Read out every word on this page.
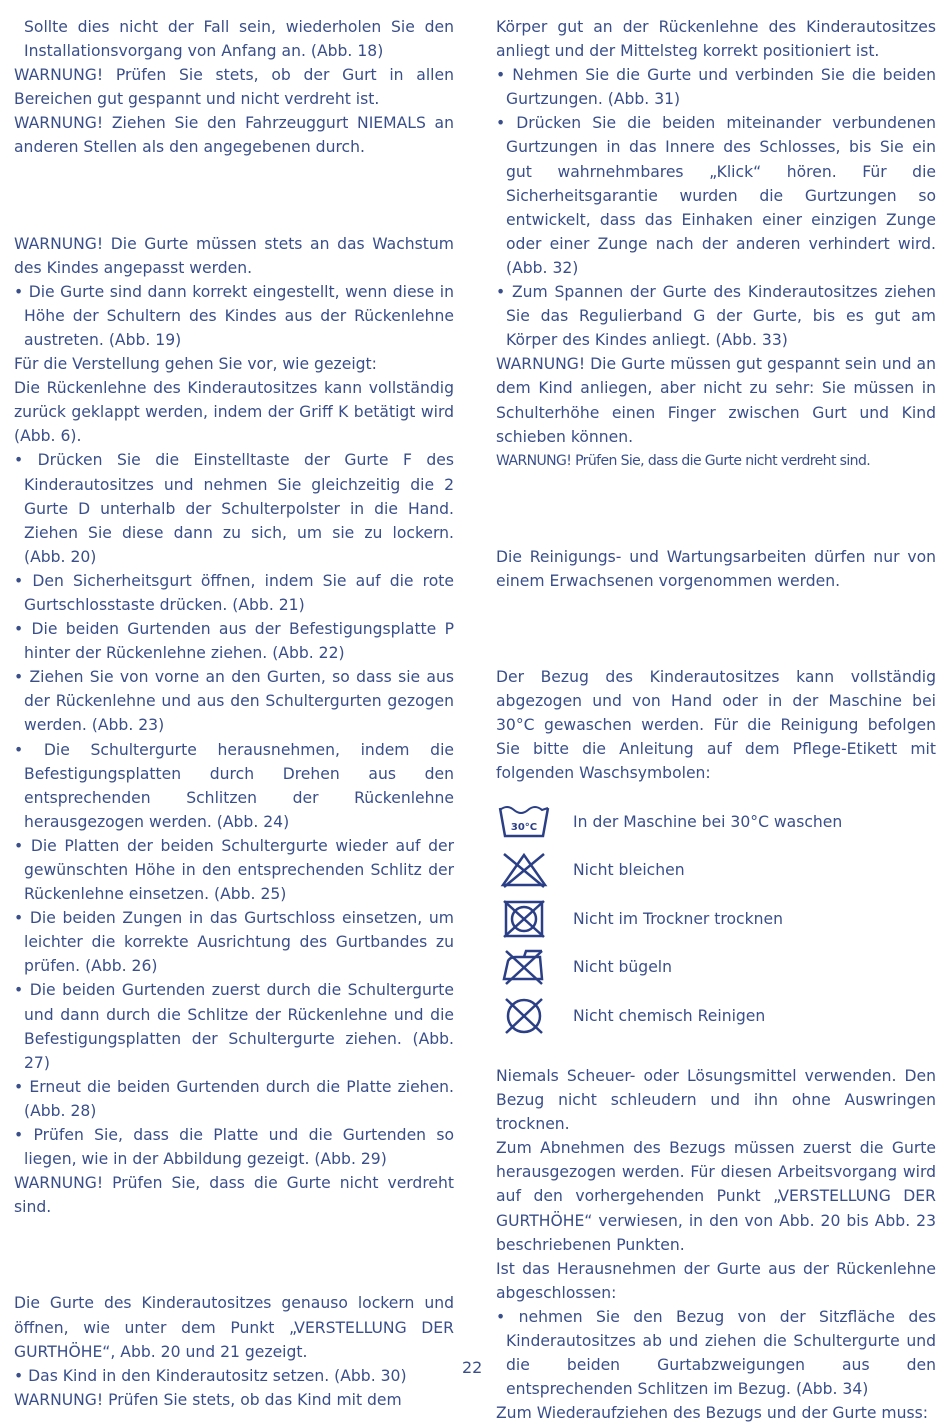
Sollte dies nicht der Fall sein, wiederholen Sie den Installationsvorgang von Anfang an. (Abb. 18)

WARNUNG! Prüfen Sie stets, ob der Gurt in allen Bereichen gut gespannt und nicht verdreht ist.

WARNUNG! Ziehen Sie den Fahrzeuggurt NIEMALS an anderen Stellen als den angegebenen durch.

WARNUNG! Die Gurte müssen stets an das Wachstum des Kindes angepasst werden.

• Die Gurte sind dann korrekt eingestellt, wenn diese in Höhe der Schultern des Kindes aus der Rückenlehne austreten. (Abb. 19)

Für die Verstellung gehen Sie vor, wie gezeigt:

Die Rückenlehne des Kinderautositzes kann vollständig zurück geklappt werden, indem der Griff K betätigt wird (Abb. 6).

• Drücken Sie die Einstelltaste der Gurte F des Kinderautositzes und nehmen Sie gleichzeitig die 2 Gurte D unterhalb der Schulterpolster in die Hand. Ziehen Sie diese dann zu sich, um sie zu lockern. (Abb. 20)

• Den Sicherheitsgurt öffnen, indem Sie auf die rote Gurtschlosstaste drücken. (Abb. 21)

• Die beiden Gurtenden aus der Befestigungsplatte P hinter der Rückenlehne ziehen. (Abb. 22)

• Ziehen Sie von vorne an den Gurten, so dass sie aus der Rückenlehne und aus den Schultergurten gezogen werden. (Abb. 23)

• Die Schultergurte herausnehmen, indem die Befestigungsplatten durch Drehen aus den entsprechenden Schlitzen der Rückenlehne herausgezogen werden. (Abb. 24)

• Die Platten der beiden Schultergurte wieder auf der gewünschten Höhe in den entsprechenden Schlitz der Rückenlehne einsetzen. (Abb. 25)

• Die beiden Zungen in das Gurtschloss einsetzen, um leichter die korrekte Ausrichtung des Gurtbandes zu prüfen. (Abb. 26)

• Die beiden Gurtenden zuerst durch die Schultergurte und dann durch die Schlitze der Rückenlehne und die Befestigungsplatten der Schultergurte ziehen. (Abb. 27)

• Erneut die beiden Gurtenden durch die Platte ziehen. (Abb. 28)

• Prüfen Sie, dass die Platte und die Gurtenden so liegen, wie in der Abbildung gezeigt. (Abb. 29)

WARNUNG! Prüfen Sie, dass die Gurte nicht verdreht sind.

Die Gurte des Kinderautositzes genauso lockern und öffnen, wie unter dem Punkt „VERSTELLUNG DER GURTHÖHE“, Abb. 20 und 21 gezeigt.

• Das Kind in den Kinderautositz setzen. (Abb. 30)

WARNUNG! Prüfen Sie stets, ob das Kind mit dem

Körper gut an der Rückenlehne des Kinderautositzes anliegt und der Mittelsteg korrekt positioniert ist.

• Nehmen Sie die Gurte und verbinden Sie die beiden Gurtzungen. (Abb. 31)

• Drücken Sie die beiden miteinander verbundenen Gurtzungen in das Innere des Schlosses, bis Sie ein gut wahrnehmbares „Klick“ hören. Für die Sicherheitsgarantie wurden die Gurtzungen so entwickelt, dass das Einhaken einer einzigen Zunge oder einer Zunge nach der anderen verhindert wird. (Abb. 32)

• Zum Spannen der Gurte des Kinderautositzes ziehen Sie das Regulierband G der Gurte, bis es gut am Körper des Kindes anliegt. (Abb. 33)

WARNUNG! Die Gurte müssen gut gespannt sein und an dem Kind anliegen, aber nicht zu sehr: Sie müssen in Schulterhöhe einen Finger zwischen Gurt und Kind schieben können.

WARNUNG! Prüfen Sie, dass die Gurte nicht verdreht sind.

Die Reinigungs- und Wartungsarbeiten dürfen nur von einem Erwachsenen vorgenommen werden.

Der Bezug des Kinderautositzes kann vollständig abgezogen und von Hand oder in der Maschine bei 30°C gewaschen werden. Für die Reinigung befolgen Sie bitte die Anleitung auf dem Pflege-Etikett mit folgenden Waschsymbolen:

30°C In der Maschine bei 30°C waschen
Nicht bleichen
Nicht im Trockner trocknen
Nicht bügeln
Nicht chemisch Reinigen

Niemals Scheuer- oder Lösungsmittel verwenden. Den Bezug nicht schleudern und ihn ohne Auswringen trocknen.

Zum Abnehmen des Bezugs müssen zuerst die Gurte herausgezogen werden. Für diesen Arbeitsvorgang wird auf den vorhergehenden Punkt „VERSTELLUNG DER GURTHÖHE“ verwiesen, in den von Abb. 20 bis Abb. 23 beschriebenen Punkten.

Ist das Herausnehmen der Gurte aus der Rückenlehne abgeschlossen:

• nehmen Sie den Bezug von der Sitzfläche des Kinderautositzes ab und ziehen die Schultergurte und die beiden Gurtabzweigungen aus den entsprechenden Schlitzen im Bezug. (Abb. 34)

Zum Wiederaufziehen des Bezugs und der Gurte muss:

22
